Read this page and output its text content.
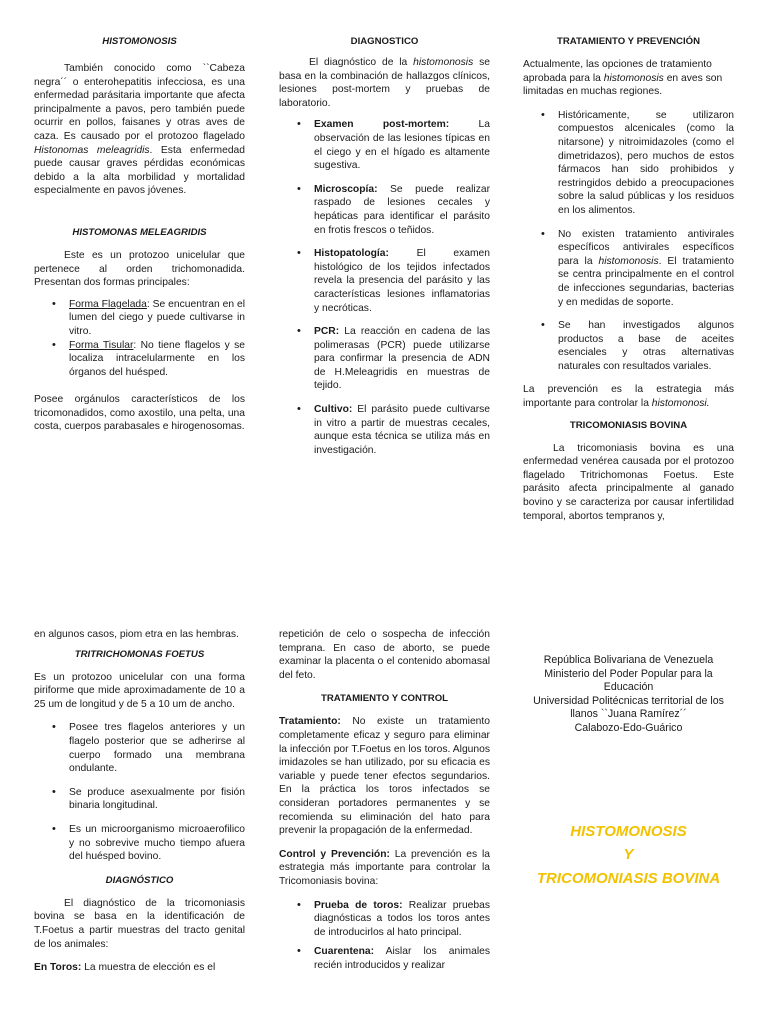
HISTOMONOSIS

También conocido como ``Cabeza negra´´ o enterohepatitis infecciosa, es una enfermedad parásitaria importante que afecta principalmente a pavos, pero también puede ocurrir en pollos, faisanes y otras aves de caza. Es causado por el protozoo flagelado Histonomas meleagridis. Esta enfermedad puede causar graves pérdidas económicas debido a la alta morbilidad y mortalidad especialmente en pavos jóvenes.

HISTOMONAS MELEAGRIDIS

Este es un protozoo unicelular que pertenece al orden trichomonadida. Presentan dos formas principales:

• Forma Flagelada: Se encuentran en el lumen del ciego y puede cultivarse in vitro.
• Forma Tisular: No tiene flagelos y se localiza intracelularmente en los órganos del huésped.

Posee orgánulos característicos de los tricomonadidos, como axostilo, una pelta, una costa, cuerpos parabasales e hirogenosomas.

DIAGNOSTICO

El diagnóstico de la histomonosis se basa en la combinación de hallazgos clínicos, lesiones post-mortem y pruebas de laboratorio.

• Examen post-mortem: La observación de las lesiones típicas en el ciego y en el hígado es altamente sugestiva.
• Microscopía: Se puede realizar raspado de lesiones cecales y hepáticas para identificar el parásito en frotis frescos o teñidos.
• Histopatología: El examen histológico de los tejidos infectados revela la presencia del parásito y las características lesiones inflamatorias y necróticas.
• PCR: La reacción en cadena de las polimerasas (PCR) puede utilizarse para confirmar la presencia de ADN de H.Meleagridis en muestras de tejido.
• Cultivo: El parásito puede cultivarse in vitro a partir de muestras cecales, aunque esta técnica se utiliza más en investigación.
TRATAMIENTO Y PREVENCIÓN

Actualmente, las opciones de tratamiento aprobada para la histomonosis en aves son limitadas en muchas regiones.

• Históricamente, se utilizaron compuestos alcenicales (como la nitarsone) y nitroimidazoles (como el dimetridazos), pero muchos de estos fármacos han sido prohibidos y restringidos debido a preocupaciones sobre la salud públicas y los residuos en los alimentos.
• No existen tratamiento antivirales específicos antivirales específicos para la histomonosis. El tratamiento se centra principalmente en el control de infecciones segundarias, bacterias y en medidas de soporte.
• Se han investigados algunos productos a base de aceites esenciales y otras alternativas naturales con resultados variales.

La prevención es la estrategia más importante para controlar la histomonosi.

TRICOMONIASIS BOVINA

La tricomoniasis bovina es una enfermedad venérea causada por el protozoo flagelado Tritrichomonas Foetus. Este parásito afecta principalmente al ganado bovino y se caracteriza por causar infertilidad temporal, abortos tempranos y,

en algunos casos, piom etra en las hembras.

TRITRICHOMONAS FOETUS

Es un protozoo unicelular con una forma piriforme que mide aproximadamente de 10 a 25 um de longitud y de 5 a 10 um de ancho.

• Posee tres flagelos anteriores y un flagelo posterior que se adherirse al cuerpo formado una membrana ondulante.
• Se produce asexualmente por fisión binaria longitudinal.
• Es un microorganismo microaerofilico y no sobrevive mucho tiempo afuera del huésped bovino.
DIAGNÓSTICO

El diagnóstico de la tricomoniasis bovina se basa en la identificación de T.Foetus a partir muestras del tracto genital de los animales:

En Toros: La muestra de elección es el

repetición de celo o sospecha de infección temprana. En caso de aborto, se puede examinar la placenta o el contenido abomasal del feto.

TRATAMIENTO Y CONTROL

Tratamiento: No existe un tratamiento completamente eficaz y seguro para eliminar la infección por T.Foetus en los toros. Algunos imidazoles se han utilizado, por su eficacia es variable y puede tener efectos segundarios. En la práctica los toros infectados se consideran portadores permanentes y se recomienda su eliminación del hato para prevenir la propagación de la enfermedad.

Control y Prevención: La prevención es la estrategia más importante para controlar la Tricomoniasis bovina:

• Prueba de toros: Realizar pruebas diagnósticas a todos los toros antes de introducirlos al hato principal.
• Cuarentena: Aislar los animales recién introducidos y realizar
República Bolivariana de Venezuela
Ministerio del Poder Popular para la Educación
Universidad Politécnicas territorial de los llanos ``Juana Ramírez´´
Calabozo-Edo-Guárico
HISTOMONOSIS
Y
TRICOMONIASIS BOVINA
